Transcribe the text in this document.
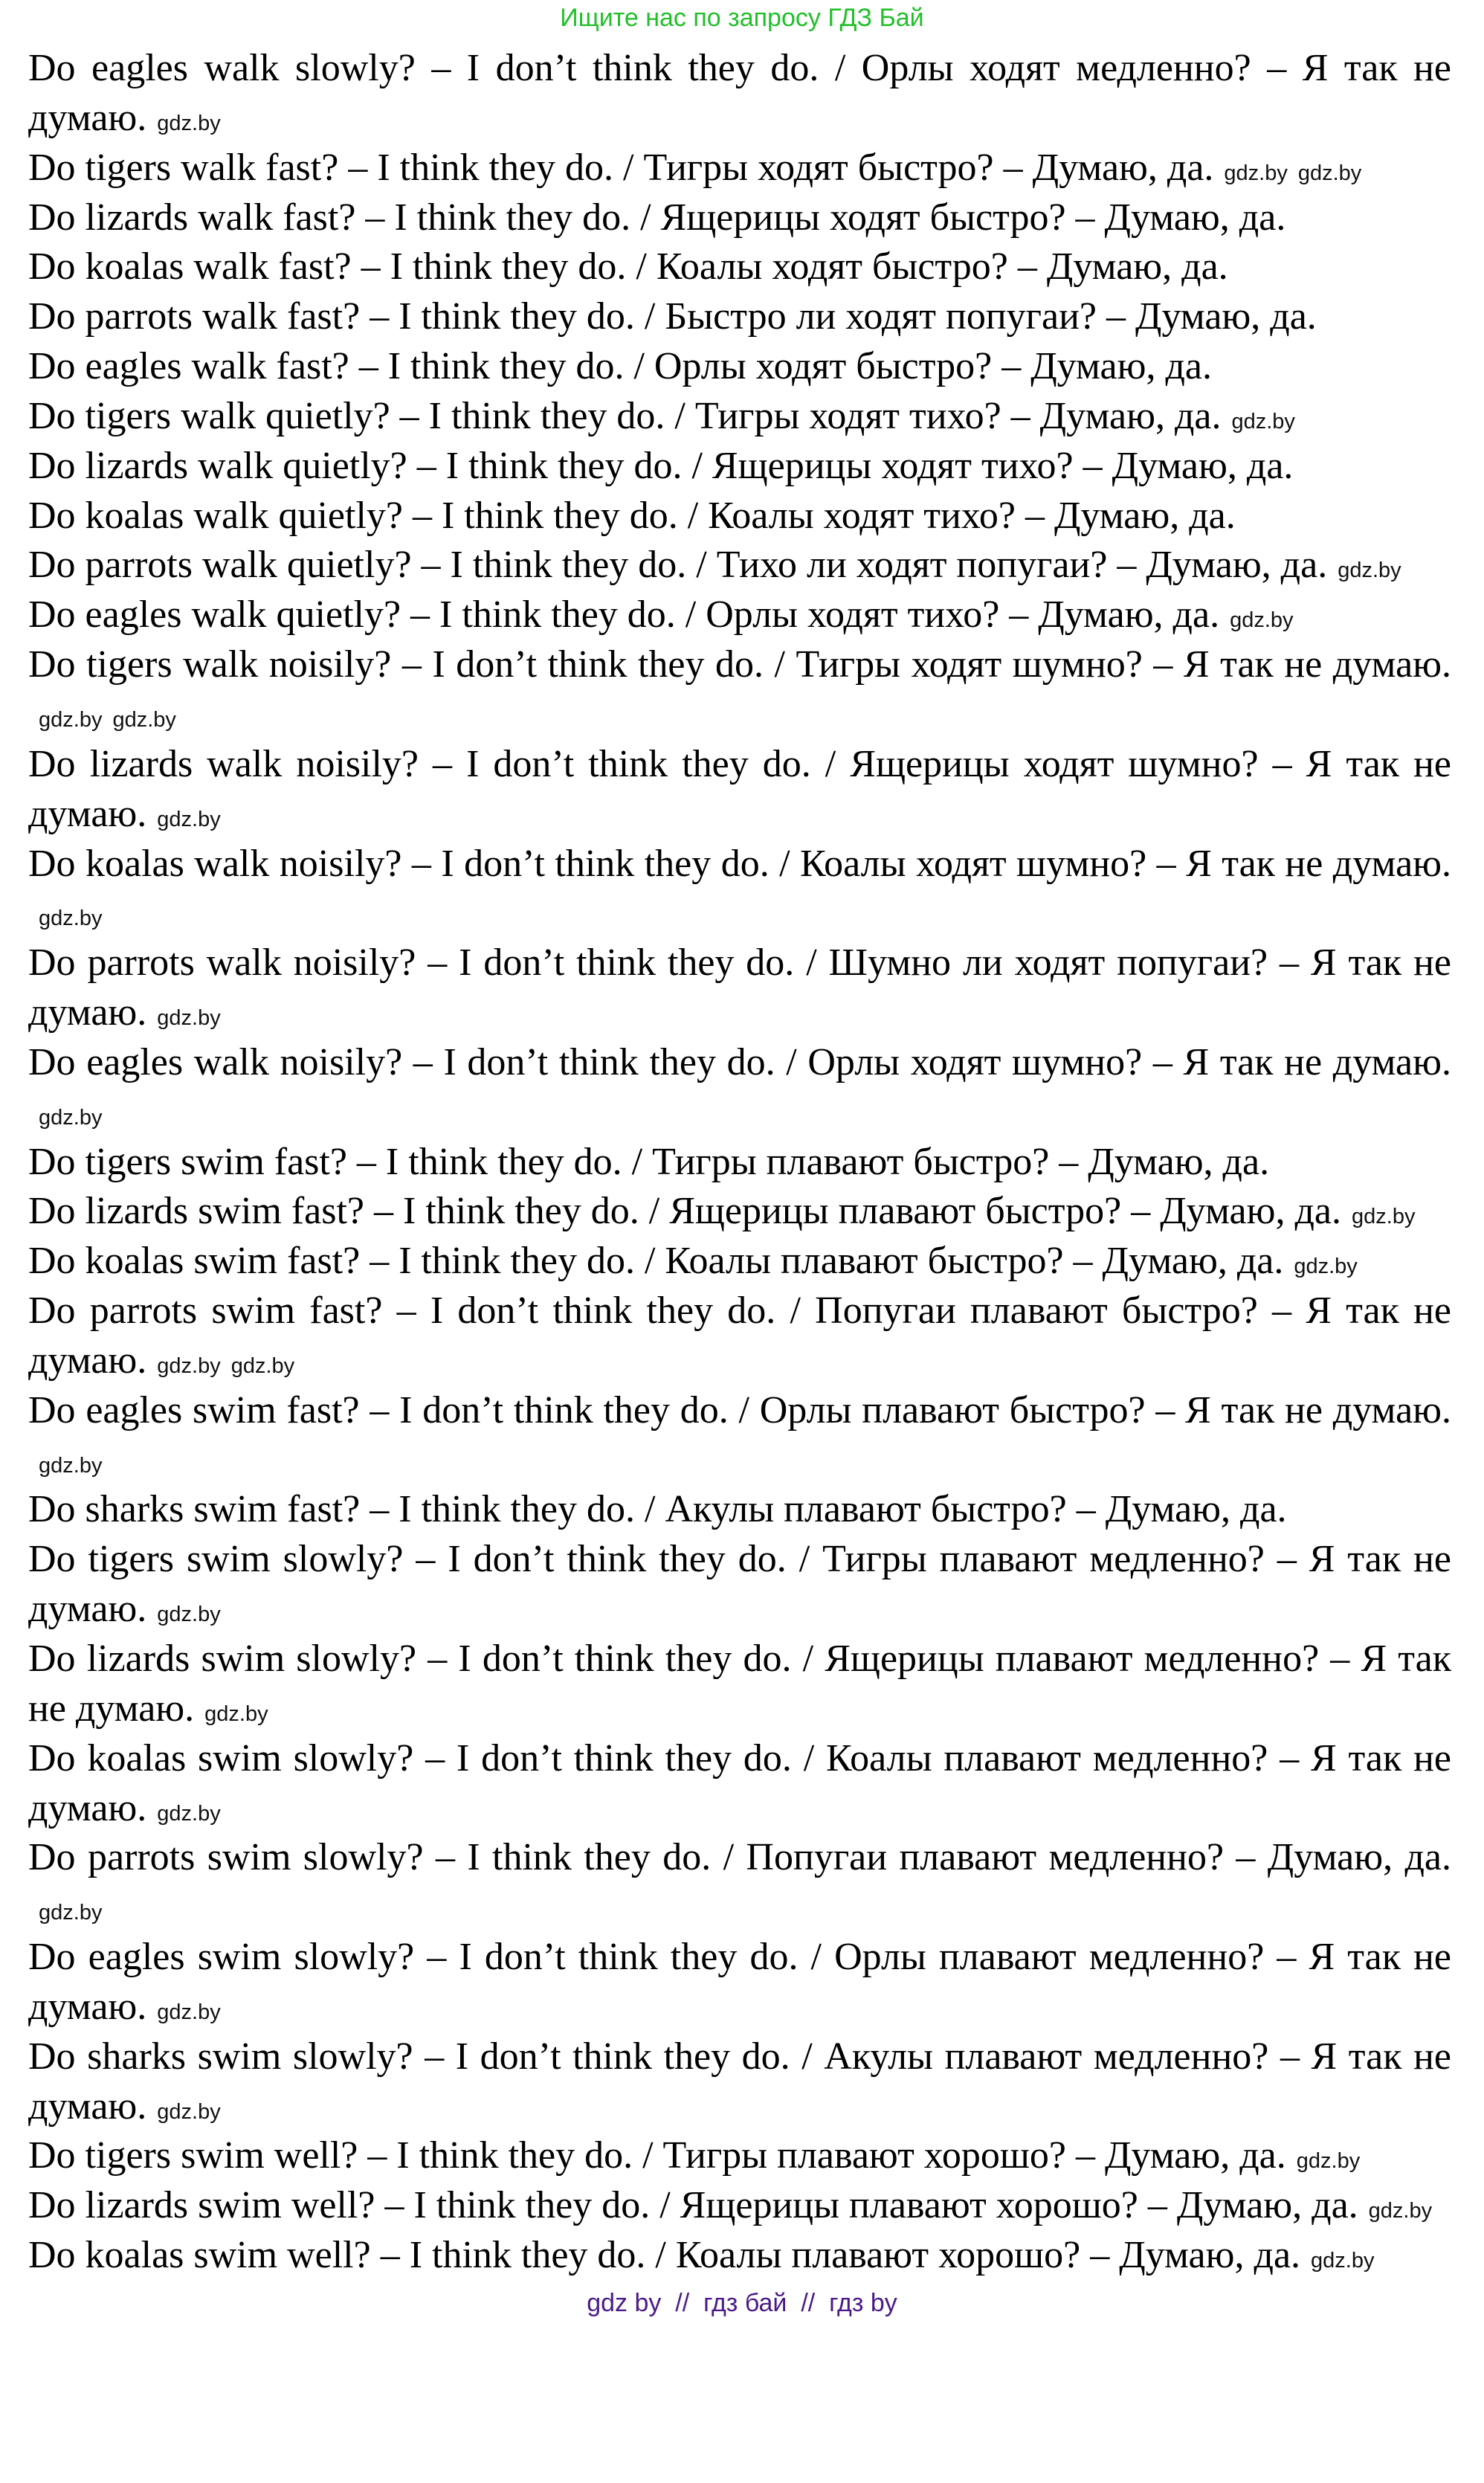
Ищите нас по запросу ГДЗ Бай
Do eagles walk slowly? – I don’t think they do. / Орлы ходят медленно? – Я так не думаю. gdz.by
Do tigers walk fast? – I think they do. / Тигры ходят быстро? – Думаю, да. gdz.by gdz.by
Do lizards walk fast? – I think they do. / Ящерицы ходят быстро? – Думаю, да.
Do koalas walk fast? – I think they do. / Коалы ходят быстро? – Думаю, да.
Do parrots walk fast? – I think they do. / Быстро ли ходят попугаи? – Думаю, да.
Do eagles walk fast? – I think they do. / Орлы ходят быстро? – Думаю, да.
Do tigers walk quietly? – I think they do. / Тигры ходят тихо? – Думаю, да. gdz.by
Do lizards walk quietly? – I think they do. / Ящерицы ходят тихо? – Думаю, да.
Do koalas walk quietly? – I think they do. / Коалы ходят тихо? – Думаю, да.
Do parrots walk quietly? – I think they do. / Тихо ли ходят попугаи? – Думаю, да. gdz.by
Do eagles walk quietly? – I think they do. / Орлы ходят тихо? – Думаю, да. gdz.by
Do tigers walk noisily? – I don’t think they do. / Тигры ходят шумно? – Я так не думаю.gdz.by gdz.by
Do lizards walk noisily? – I don’t think they do. / Ящерицы ходят шумно? – Я так не думаю. gdz.by
Do koalas walk noisily? – I don’t think they do. / Коалы ходят шумно? – Я так не думаю.gdz.by
Do parrots walk noisily? – I don’t think they do. / Шумно ли ходят попугаи? – Я так не думаю. gdz.by
Do eagles walk noisily? – I don’t think they do. / Орлы ходят шумно? – Я так не думаю.gdz.by
Do tigers swim fast? – I think they do. / Тигры плавают быстро? – Думаю, да.
Do lizards swim fast? – I think they do. / Ящерицы плавают быстро? – Думаю, да. gdz.by
Do koalas swim fast? – I think they do. / Коалы плавают быстро? – Думаю, да. gdz.by
Do parrots swim fast? – I don’t think they do. / Попугаи плавают быстро? – Я так не думаю. gdz.by gdz.by
Do eagles swim fast? – I don’t think they do. / Орлы плавают быстро? – Я так не думаю.gdz.by
Do sharks swim fast? – I think they do. / Акулы плавают быстро? – Думаю, да.
Do tigers swim slowly? – I don’t think they do. / Тигры плавают медленно? – Я так не думаю. gdz.by
Do lizards swim slowly? – I don’t think they do. / Ящерицы плавают медленно? – Я так не думаю. gdz.by
Do koalas swim slowly? – I don’t think they do. / Коалы плавают медленно? – Я так не думаю. gdz.by
Do parrots swim slowly? – I think they do. / Попугаи плавают медленно? – Думаю, да.gdz.by
Do eagles swim slowly? – I don’t think they do. / Орлы плавают медленно? – Я так не думаю. gdz.by
Do sharks swim slowly? – I don’t think they do. / Акулы плавают медленно? – Я так не думаю. gdz.by
Do tigers swim well? – I think they do. / Тигры плавают хорошо? – Думаю, да. gdz.by
Do lizards swim well? – I think they do. / Ящерицы плавают хорошо? – Думаю, да. gdz.by
Do koalas swim well? – I think they do. / Коалы плавают хорошо? – Думаю, да. gdz.by
gdz by  //  гдз бай  //  гдз by
